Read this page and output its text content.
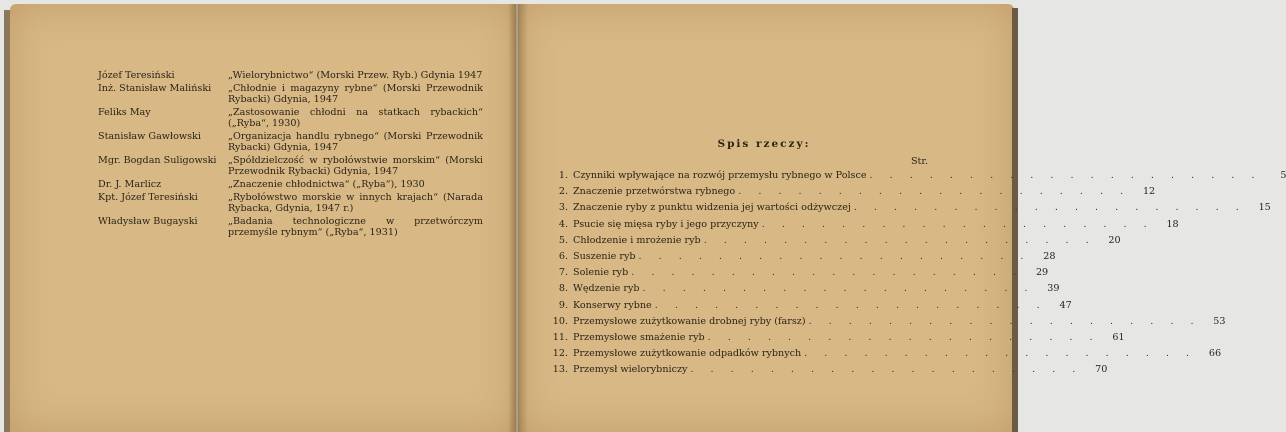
Józef Teresiński	„Wielorybnictwo“ (Morski Przew. Ryb.) Gdynia 1947
Inż. Stanisław Maliński	„Chłodnie i magazyny rybne“ (Morski Przewodnik Rybacki) Gdynia, 1947
Feliks May	„Zastosowanie chłodni na statkach rybackich“ („Ryba“, 1930)
Stanisław Gawłowski	„Organizacja handlu rybnego“ (Morski Przewodnik Rybacki) Gdynia, 1947
Mgr. Bogdan Suligowski	„Spółdzielczość w rybołówstwie morskim“ (Morski Przewodnik Rybacki) Gdynia, 1947
Dr. J. Marlicz	„Znaczenie chłodnictwa“ („Ryba“), 1930
Kpt. Józef Teresiński	„Rybołówstwo morskie w innych krajach“ (Narada Rybacka, Gdynia, 1947 r.)
Władysław Bugayski	„Badania technologiczne w przetwórczym przemyśle rybnym“ („Ryba“, 1931)
Spis rzeczy:
Str.
1. Czynniki wpływające na rozwój przemysłu rybnego w Polsce . . . . . . . . . . . . . . . . . . . .	5
2. Znaczenie przetwórstwa rybnego . . . . . . . . . . . . . . . . . . . .	12
3. Znaczenie ryby z punktu widzenia jej wartości odżywczej . . . . . . . . . . . . . . . . . . . .	15
4. Psucie się mięsa ryby i jego przyczyny . . . . . . . . . . . . . . . . . . . .	18
5. Chłodzenie i mrożenie ryb . . . . . . . . . . . . . . . . . . . .	20
6. Suszenie ryb . . . . . . . . . . . . . . . . . . . .	28
7. Solenie ryb . . . . . . . . . . . . . . . . . . . .	29
8. Wędzenie ryb . . . . . . . . . . . . . . . . . . . .	39
9. Konserwy rybne . . . . . . . . . . . . . . . . . . . .	47
10. Przemysłowe zużytkowanie drobnej ryby (farsz) . . . . . . . . . . . . . . . . . . . .	53
11. Przemysłowe smażenie ryb . . . . . . . . . . . . . . . . . . . .	61
12. Przemysłowe zużytkowanie odpadków rybnych . . . . . . . . . . . . . . . . . . . .	66
13. Przemysł wielorybniczy . . . . . . . . . . . . . . . . . . . .	70
